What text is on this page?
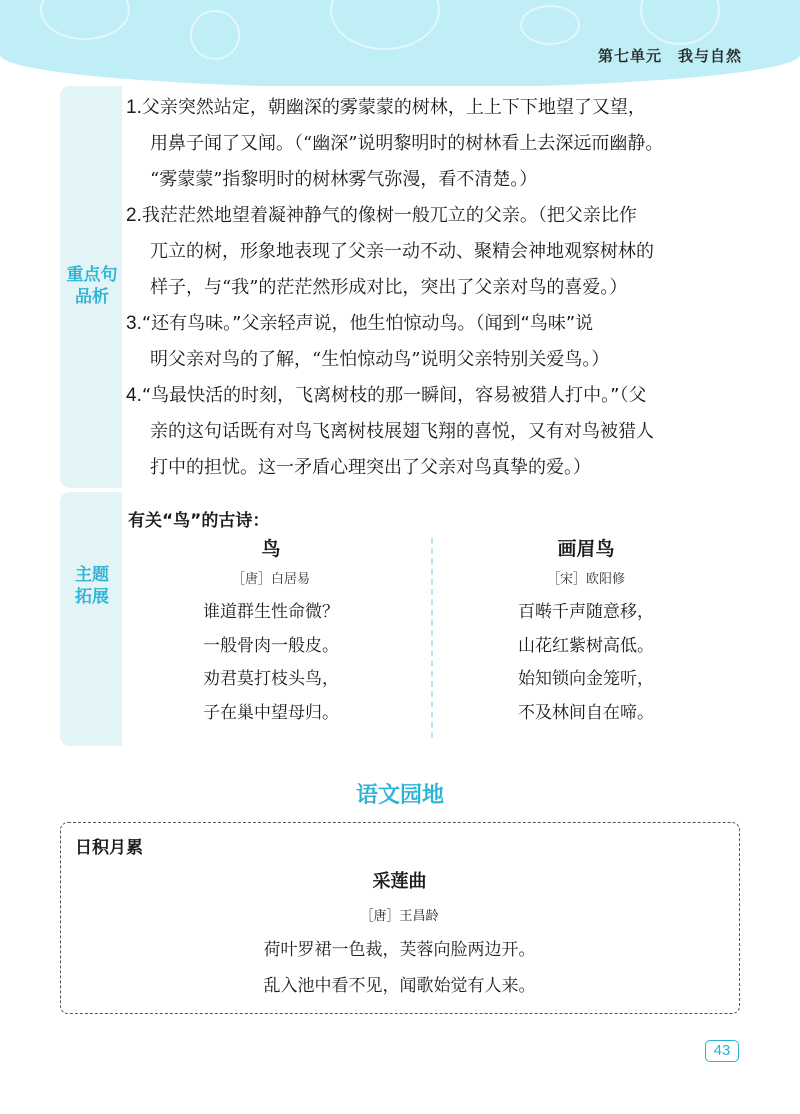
第七单元　我与自然
重点句
品析
1.父亲突然站定，朝幽深的雾蒙蒙的树林，上上下下地望了又望，
用鼻子闻了又闻。（“幽深”说明黎明时的树林看上去深远而幽静。
“雾蒙蒙”指黎明时的树林雾气弥漫，看不清楚。）
2.我茫茫然地望着凝神静气的像树一般兀立的父亲。（把父亲比作
兀立的树，形象地表现了父亲一动不动、聚精会神地观察树林的
样子，与“我”的茫茫然形成对比，突出了父亲对鸟的喜爱。）
3.“还有鸟味。”父亲轻声说，他生怕惊动鸟。（闻到“鸟味”说
明父亲对鸟的了解，“生怕惊动鸟”说明父亲特别关爱鸟。）
4.“鸟最快活的时刻，飞离树枝的那一瞬间，容易被猎人打中。”（父
亲的这句话既有对鸟飞离树枝展翅飞翔的喜悦，又有对鸟被猎人
打中的担忧。这一矛盾心理突出了父亲对鸟真挚的爱。）
主题
拓展
有关“鸟”的古诗：
鸟
［唐］白居易
谁道群生性命微？
一般骨肉一般皮。
劝君莫打枝头鸟，
子在巢中望母归。
画眉鸟
［宋］欧阳修
百啭千声随意移，
山花红紫树高低。
始知锁向金笼听，
不及林间自在啼。
语文园地
日积月累
采莲曲
［唐］王昌龄
荷叶罗裙一色裁，芙蓉向脸两边开。
乱入池中看不见，闻歌始觉有人来。
43
